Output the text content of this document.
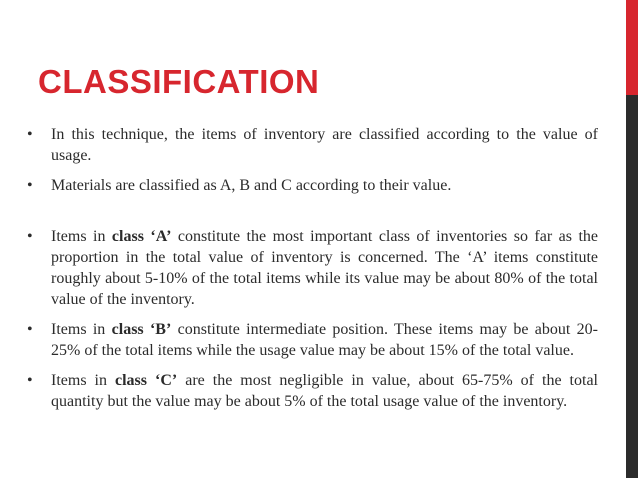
CLASSIFICATION
• In this technique, the items of inventory are classified according to the value of usage.
• Materials are classified as A, B and C according to their value.
• Items in class ‘A’ constitute the most important class of inventories so far as the proportion in the total value of inventory is concerned. The ‘A’ items constitute roughly about 5-10% of the total items while its value may be about 80% of the total value of the inventory.
• Items in class ‘B’ constitute intermediate position. These items may be about 20-25% of the total items while the usage value may be about 15% of the total value.
• Items in class ‘C’ are the most negligible in value, about 65-75% of the total quantity but the value may be about 5% of the total usage value of the inventory.
